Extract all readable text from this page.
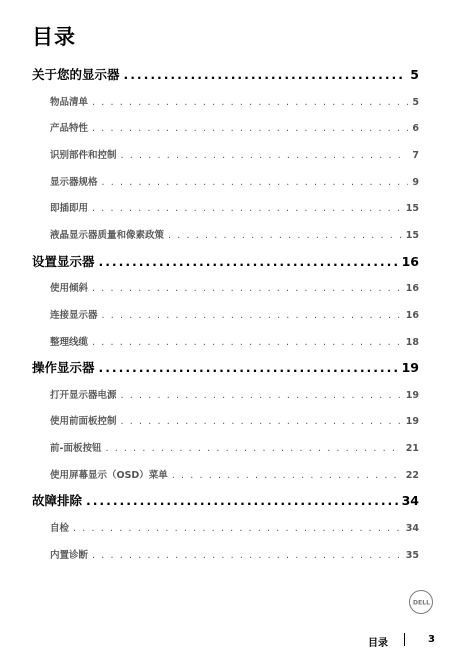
目录
关于您的显示器 . . .	5
物品清单 . . .	5
产品特性 . . .	6
识别部件和控制 . . .	7
显示器规格 . . .	9
即插即用 . . .	15
液晶显示器质量和像素政策 . . .	15
设置显示器 . . .	16
使用倾斜 . . .	16
连接显示器 . . .	16
整理线缆 . . .	18
操作显示器 . . .	19
打开显示器电源 . . .	19
使用前面板控制 . . .	19
前-面板按钮 . . .	21
使用屏幕显示（OSD）菜单 . . .	22
故障排除 . . .	34
自检 . . .	34
内置诊断 . . .	35
DELL
目录	3
